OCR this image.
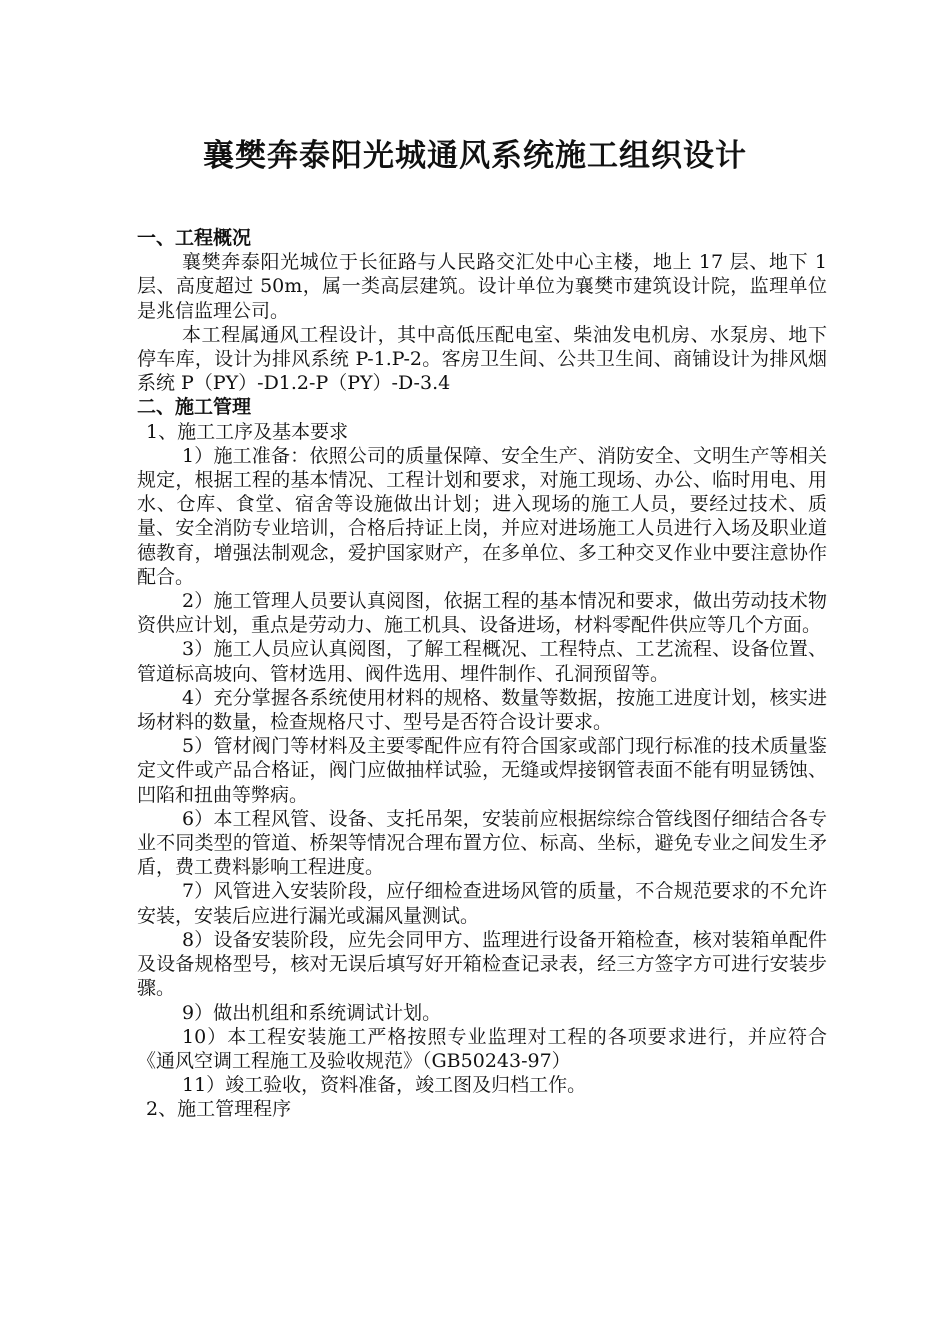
襄樊奔泰阳光城通风系统施工组织设计

一、工程概况

襄樊奔泰阳光城位于长征路与人民路交汇处中心主楼，地上 17 层、地下 1 层、高度超过 50m，属一类高层建筑。设计单位为襄樊市建筑设计院，监理单位是兆信监理公司。

本工程属通风工程设计，其中高低压配电室、柴油发电机房、水泵房、地下停车库，设计为排风系统 P-1.P-2。客房卫生间、公共卫生间、商铺设计为排风烟系统 P（PY）-D1.2-P（PY）-D-3.4

二、施工管理

1、施工工序及基本要求

1）施工准备：依照公司的质量保障、安全生产、消防安全、文明生产等相关规定，根据工程的基本情况、工程计划和要求，对施工现场、办公、临时用电、用水、仓库、食堂、宿舍等设施做出计划；进入现场的施工人员，要经过技术、质量、安全消防专业培训，合格后持证上岗，并应对进场施工人员进行入场及职业道德教育，增强法制观念，爱护国家财产，在多单位、多工种交叉作业中要注意协作配合。

2）施工管理人员要认真阅图，依据工程的基本情况和要求，做出劳动技术物资供应计划，重点是劳动力、施工机具、设备进场，材料零配件供应等几个方面。

3）施工人员应认真阅图，了解工程概况、工程特点、工艺流程、设备位置、管道标高坡向、管材选用、阀件选用、埋件制作、孔洞预留等。

4）充分掌握各系统使用材料的规格、数量等数据，按施工进度计划，核实进场材料的数量，检查规格尺寸、型号是否符合设计要求。

5）管材阀门等材料及主要零配件应有符合国家或部门现行标准的技术质量鉴定文件或产品合格证，阀门应做抽样试验，无缝或焊接钢管表面不能有明显锈蚀、凹陷和扭曲等弊病。

6）本工程风管、设备、支托吊架，安装前应根据综综合管线图仔细结合各专业不同类型的管道、桥架等情况合理布置方位、标高、坐标，避免专业之间发生矛盾，费工费料影响工程进度。

7）风管进入安装阶段，应仔细检查进场风管的质量，不合规范要求的不允许安装，安装后应进行漏光或漏风量测试。

8）设备安装阶段，应先会同甲方、监理进行设备开箱检查，核对装箱单配件及设备规格型号，核对无误后填写好开箱检查记录表，经三方签字方可进行安装步骤。

9）做出机组和系统调试计划。

10）本工程安装施工严格按照专业监理对工程的各项要求进行，并应符合《通风空调工程施工及验收规范》（GB50243-97）

11）竣工验收，资料准备，竣工图及归档工作。

2、施工管理程序
